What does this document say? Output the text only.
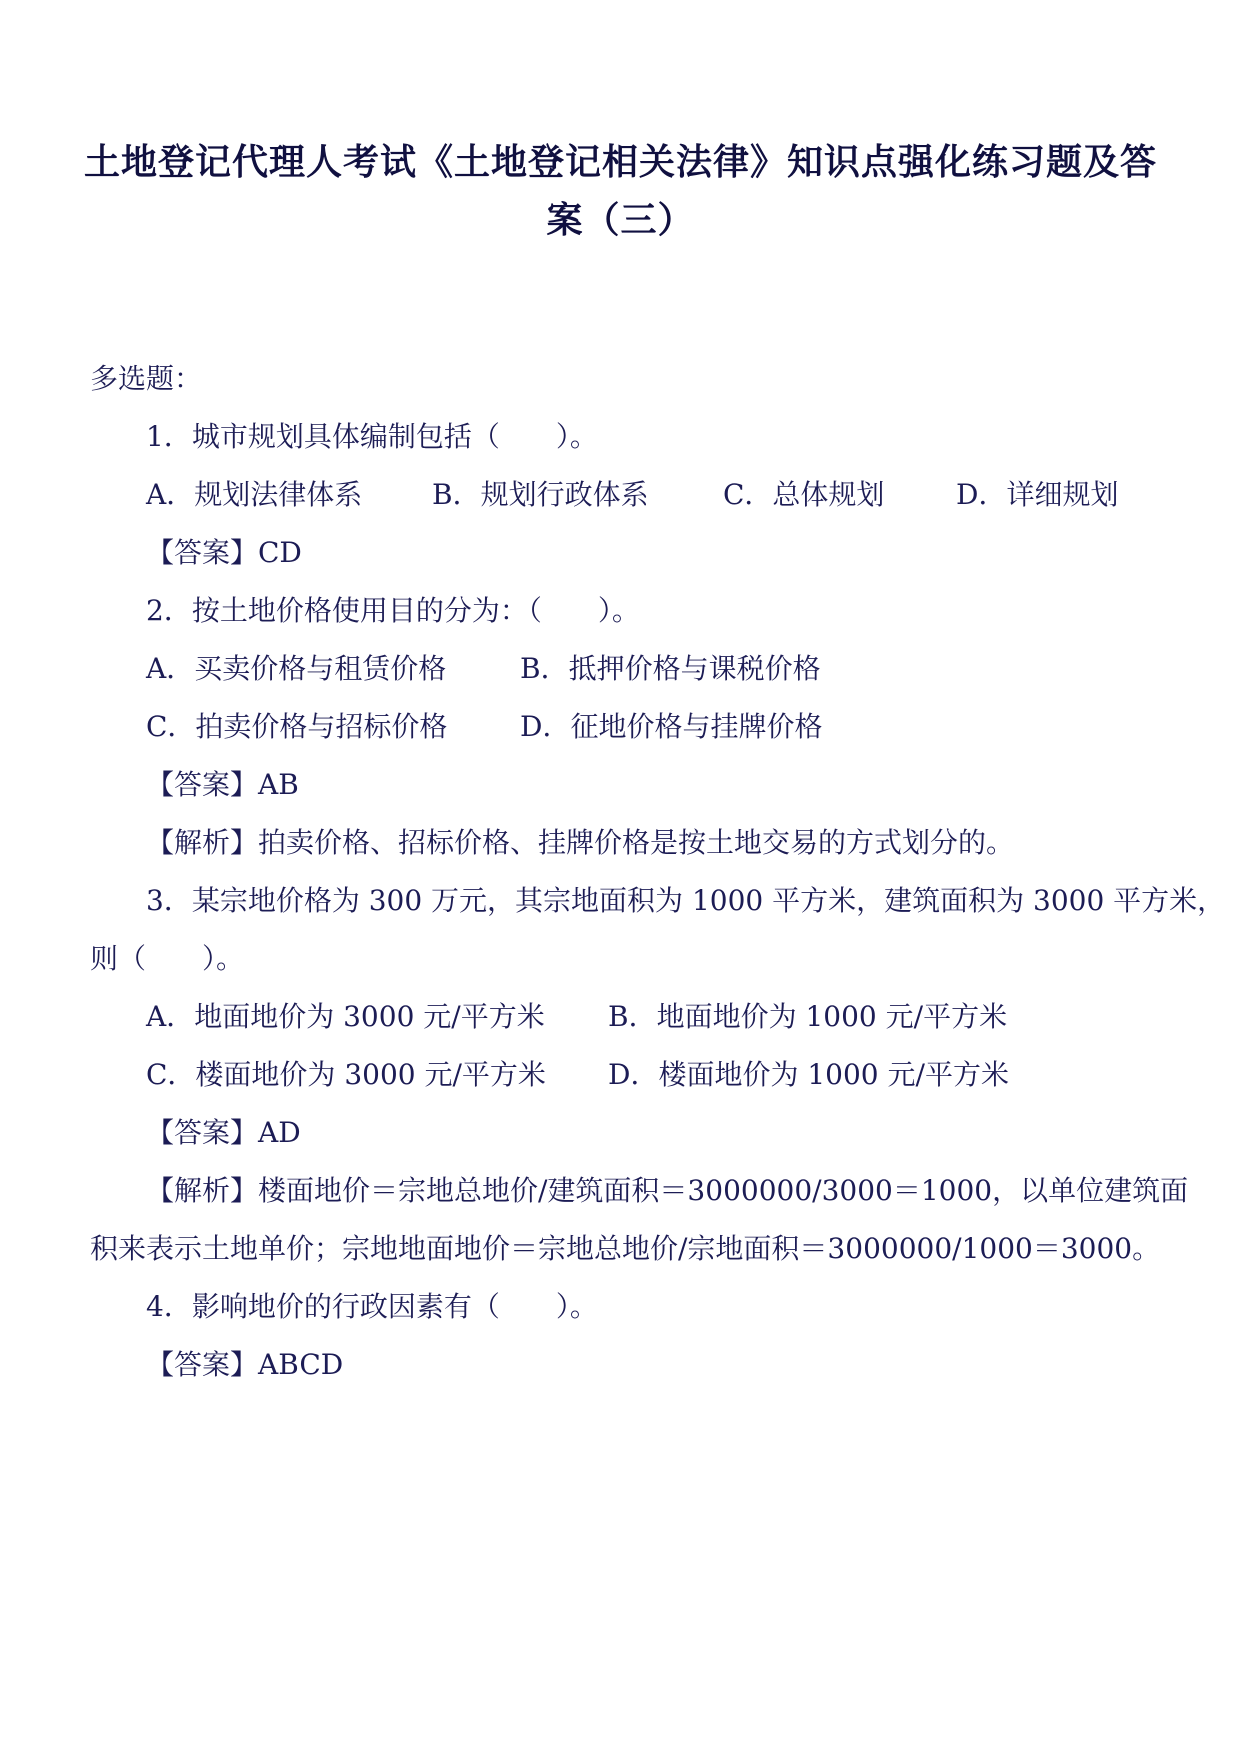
土地登记代理人考试《土地登记相关法律》知识点强化练习题及答
案（三）
多选题：
1．城市规划具体编制包括（　　）。
A．规划法律体系 B．规划行政体系	C．总体规划	D．详细规划
【答案】CD
2．按土地价格使用目的分为：（　　）。
A．买卖价格与租赁价格	B．抵押价格与课税价格
C．拍卖价格与招标价格	D．征地价格与挂牌价格
【答案】AB
【解析】拍卖价格、招标价格、挂牌价格是按土地交易的方式划分的。
3．某宗地价格为 300 万元，其宗地面积为 1000 平方米，建筑面积为 3000 平方米，
则（　　）。
A．地面地价为 3000 元/平方米 B．地面地价为 1000 元/平方米
C．楼面地价为 3000 元/平方米 D．楼面地价为 1000 元/平方米
【答案】AD
【解析】楼面地价＝宗地总地价/建筑面积＝3000000/3000＝1000，以单位建筑面
积来表示土地单价；宗地地面地价＝宗地总地价/宗地面积＝3000000/1000＝3000。
4．影响地价的行政因素有（　　）。
【答案】ABCD
